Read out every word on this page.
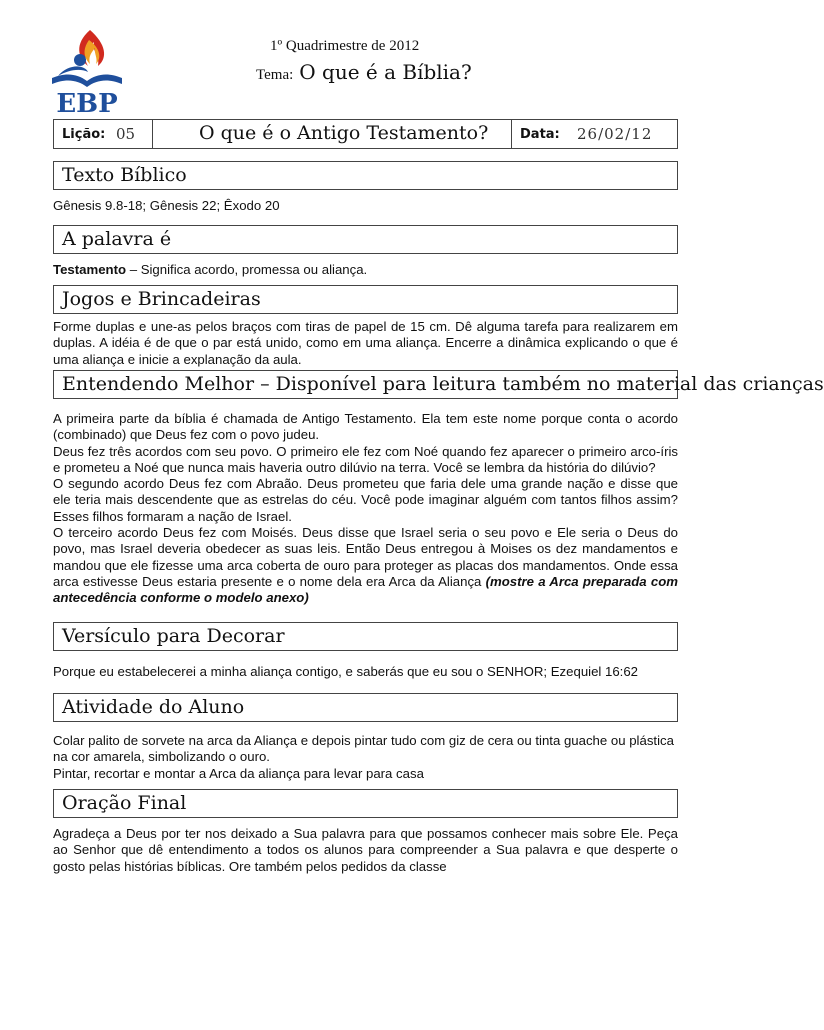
EBP
1º Quadrimestre de 2012
Tema: O que é a Bíblia?
Lição: 05	O que é o Antigo Testamento? Data: 26/02/12
Texto Bíblico

Gênesis 9.8-18; Gênesis 22; Êxodo 20

A palavra é

Testamento – Significa acordo, promessa ou aliança.

Jogos e Brincadeiras

Forme duplas e une-as pelos braços com tiras de papel de 15 cm. Dê alguma tarefa para realizarem em duplas. A idéia é de que o par está unido, como em uma aliança. Encerre a dinâmica explicando o que é uma aliança e inicie a explanação da aula.

Entendendo Melhor – Disponível para leitura também no material das crianças

A primeira parte da bíblia é chamada de Antigo Testamento. Ela tem este nome porque conta o acordo (combinado) que Deus fez com o povo judeu.

Deus fez três acordos com seu povo. O primeiro ele fez com Noé quando fez aparecer o primeiro arco-íris e prometeu a Noé que nunca mais haveria outro dilúvio na terra. Você se lembra da história do dilúvio?

O segundo acordo Deus fez com Abraão. Deus prometeu que faria dele uma grande nação e disse que ele teria mais descendente que as estrelas do céu. Você pode imaginar alguém com tantos filhos assim? Esses filhos formaram a nação de Israel.

O terceiro acordo Deus fez com Moisés. Deus disse que Israel seria o seu povo e Ele seria o Deus do povo, mas Israel deveria obedecer as suas leis. Então Deus entregou à Moises os dez mandamentos e mandou que ele fizesse uma arca coberta de ouro para proteger as placas dos mandamentos. Onde essa arca estivesse Deus estaria presente e o nome dela era Arca da Aliança (mostre a Arca preparada com antecedência conforme o modelo anexo)

Versículo para Decorar

Porque eu estabelecerei a minha aliança contigo, e saberás que eu sou o SENHOR; Ezequiel 16:62

Atividade do Aluno

Colar palito de sorvete na arca da Aliança e depois pintar tudo com giz de cera ou tinta guache ou plástica na cor amarela, simbolizando o ouro.

Pintar, recortar e montar a Arca da aliança para levar para casa

Oração Final

Agradeça a Deus por ter nos deixado a Sua palavra para que possamos conhecer mais sobre Ele. Peça ao Senhor que dê entendimento a todos os alunos para compreender a Sua palavra e que desperte o gosto pelas histórias bíblicas. Ore também pelos pedidos da classe
